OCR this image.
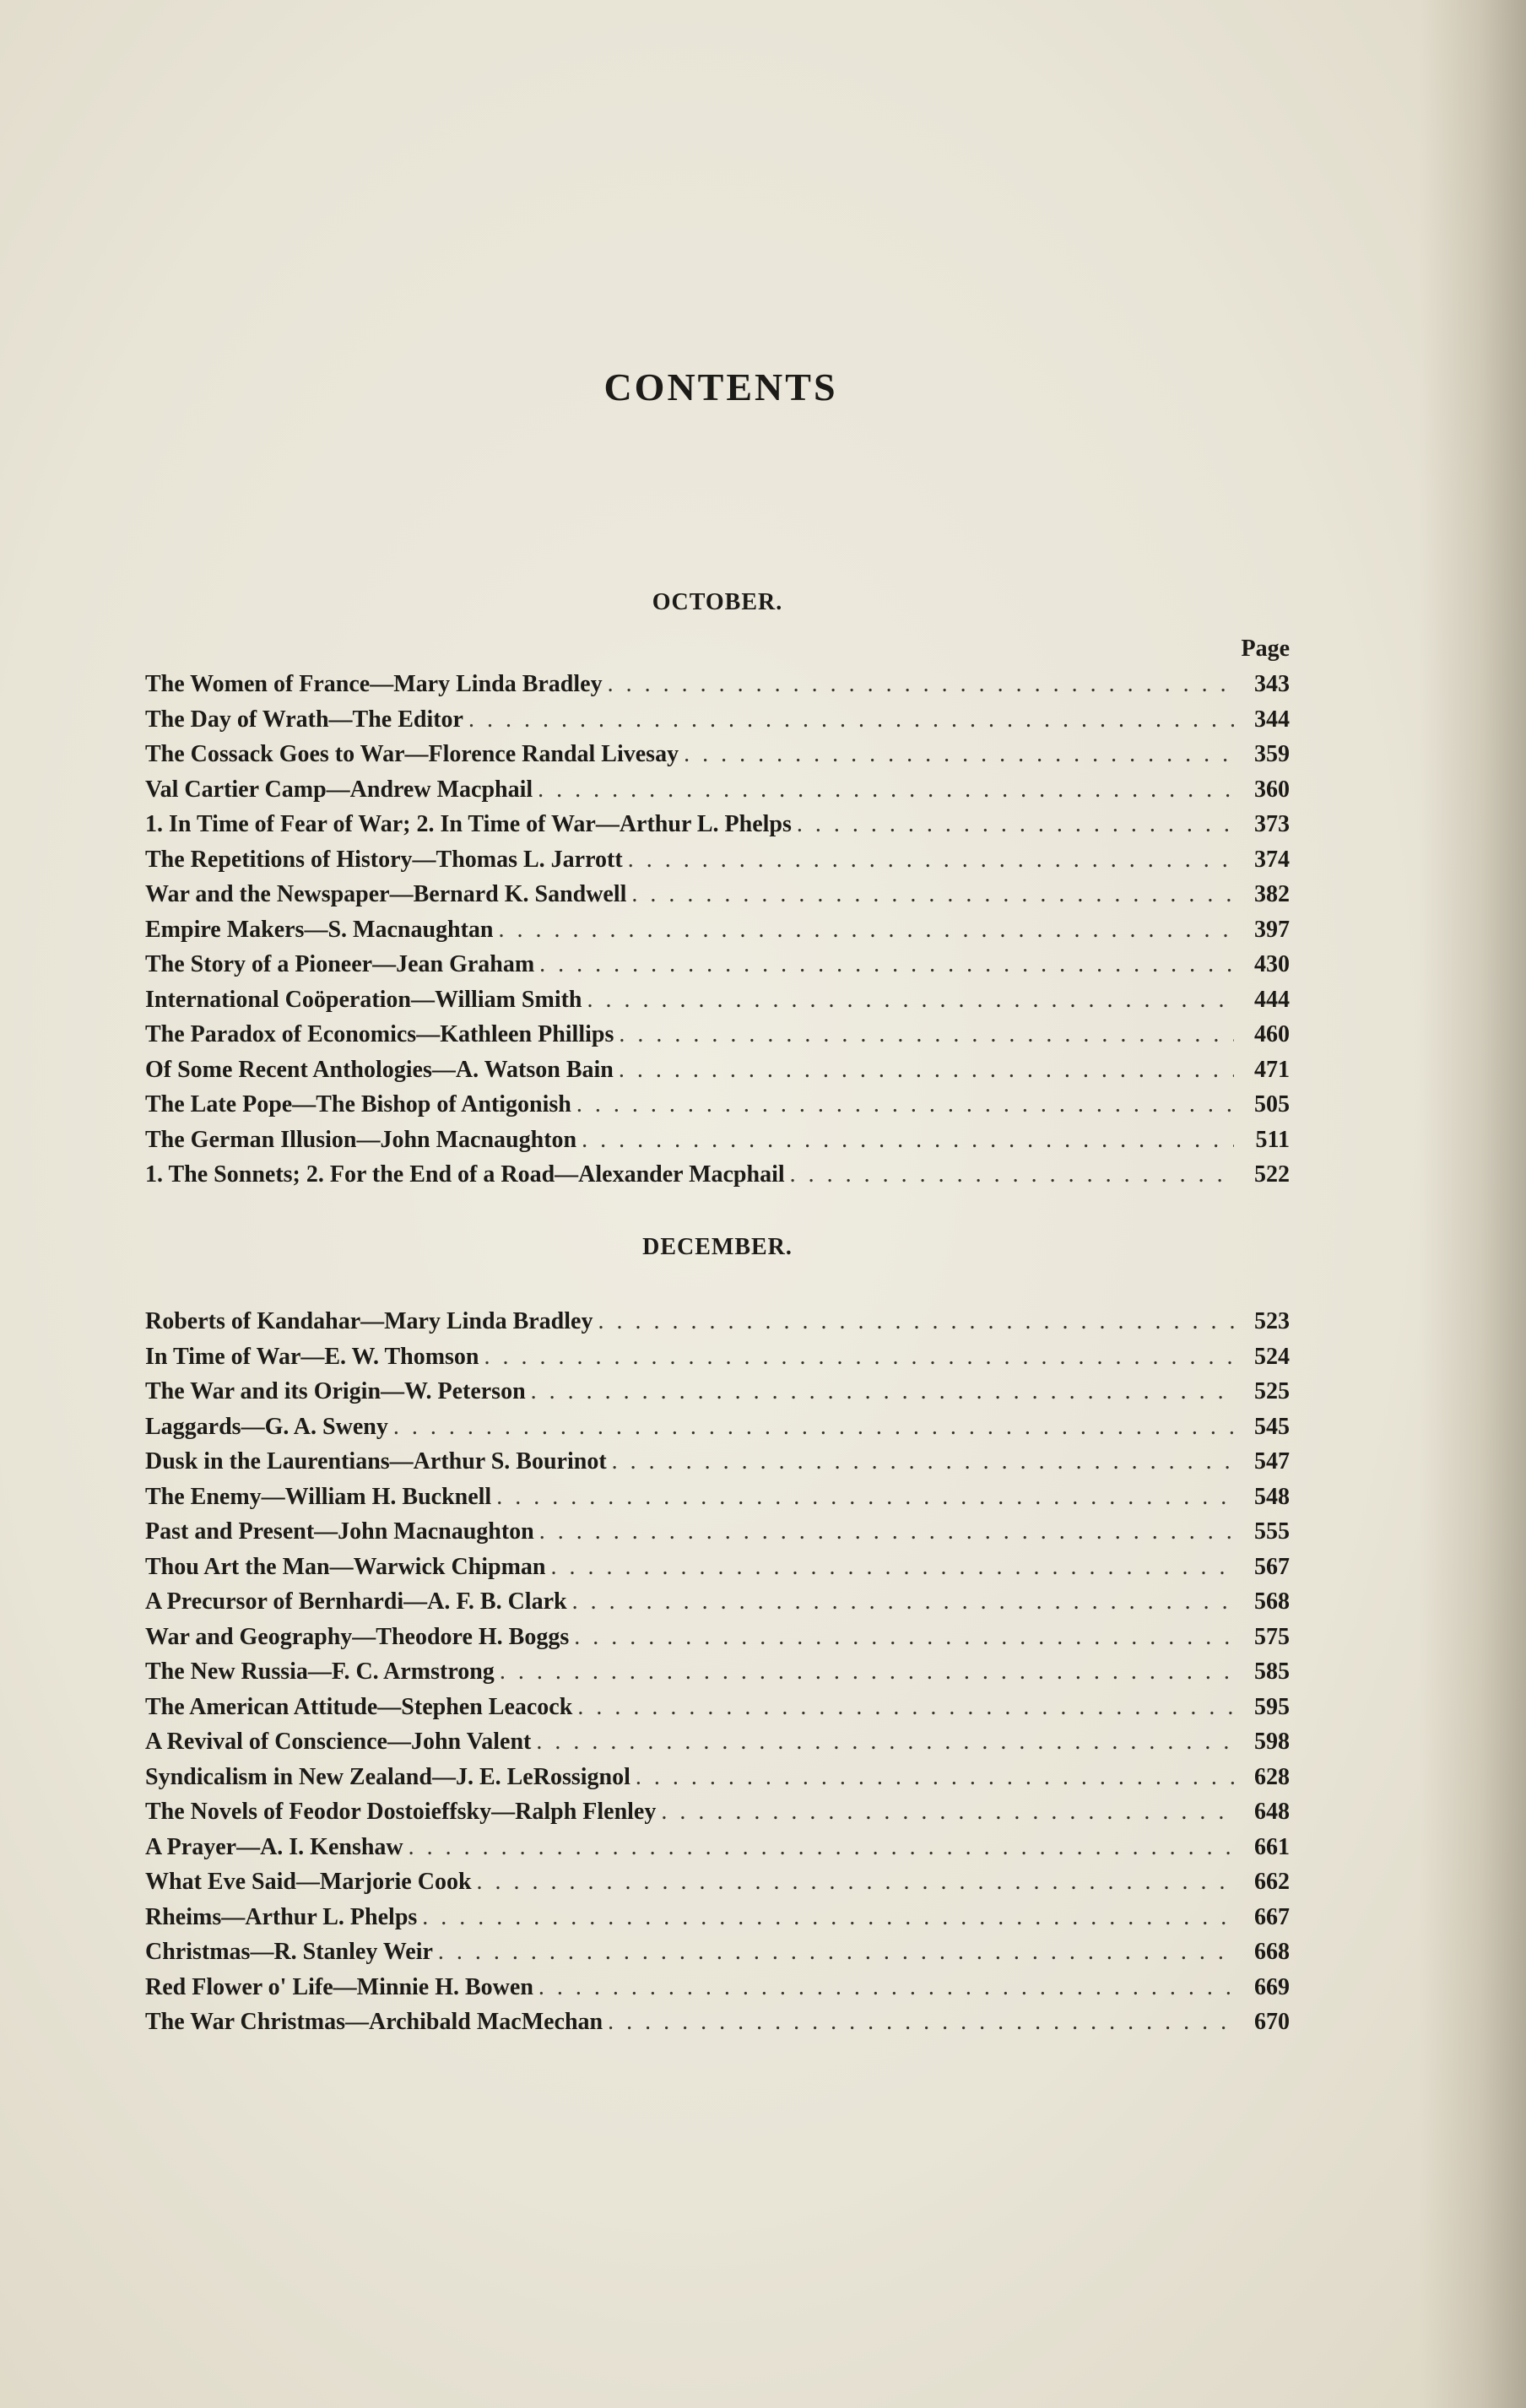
CONTENTS
OCTOBER.
Page
The Women of France—Mary Linda Bradley . . .	343
The Day of Wrath—The Editor . . .	344
The Cossack Goes to War—Florence Randal Livesay . . .	359
Val Cartier Camp—Andrew Macphail . . .	360
1. In Time of Fear of War; 2. In Time of War—Arthur L. Phelps . . .	373
The Repetitions of History—Thomas L. Jarrott . . .	374
War and the Newspaper—Bernard K. Sandwell . . .	382
Empire Makers—S. Macnaughtan . . .	397
The Story of a Pioneer—Jean Graham . . .	430
International Coöperation—William Smith . . .	444
The Paradox of Economics—Kathleen Phillips . . .	460
Of Some Recent Anthologies—A. Watson Bain . . .	471
The Late Pope—The Bishop of Antigonish . . .	505
The German Illusion—John Macnaughton . . .	511
1. The Sonnets; 2. For the End of a Road—Alexander Macphail . . .	522
DECEMBER.
Roberts of Kandahar—Mary Linda Bradley . . .	523
In Time of War—E. W. Thomson . . .	524
The War and its Origin—W. Peterson . . .	525
Laggards—G. A. Sweny . . .	545
Dusk in the Laurentians—Arthur S. Bourinot . . .	547
The Enemy—William H. Bucknell . . .	548
Past and Present—John Macnaughton . . .	555
Thou Art the Man—Warwick Chipman . . .	567
A Precursor of Bernhardi—A. F. B. Clark . . .	568
War and Geography—Theodore H. Boggs . . .	575
The New Russia—F. C. Armstrong . . .	585
The American Attitude—Stephen Leacock . . .	595
A Revival of Conscience—John Valent . . .	598
Syndicalism in New Zealand—J. E. LeRossignol . . .	628
The Novels of Feodor Dostoieffsky—Ralph Flenley . . .	648
A Prayer—A. I. Kenshaw . . .	661
What Eve Said—Marjorie Cook . . .	662
Rheims—Arthur L. Phelps . . .	667
Christmas—R. Stanley Weir . . .	668
Red Flower o' Life—Minnie H. Bowen . . .	669
The War Christmas—Archibald MacMechan . . .	670
